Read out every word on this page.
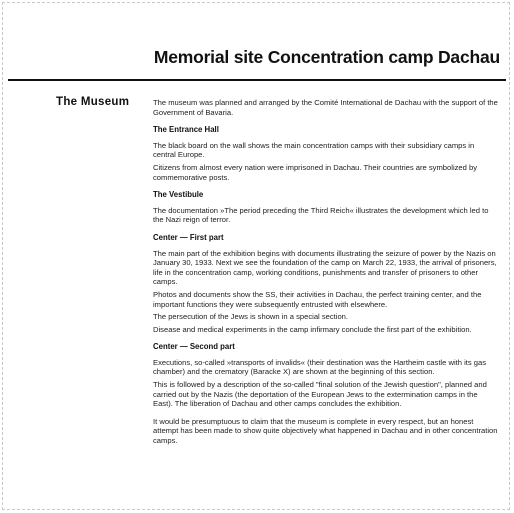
Memorial site Concentration camp Dachau
The Museum	The museum was planned and arranged by the Comité International de Dachau with the support of the Government of Bavaria.

The Entrance Hall

The black board on the wall shows the main concentration camps with their subsidiary camps in central Europe.

Citizens from almost every nation were imprisoned in Dachau. Their countries are symbolized by commemorative posts.

The Vestibule

The documentation »The period preceding the Third Reich« illustrates the development which led to the Nazi reign of terror.

Center — First part

The main part of the exhibition begins with documents illustrating the seizure of power by the Nazis on January 30, 1933. Next we see the foundation of the camp on March 22, 1933, the arrival of prisoners, life in the concentration camp, working conditions, punishments and transfer of prisoners to other camps.

Photos and documents show the SS, their activities in Dachau, the perfect training center, and the important functions they were subsequently entrusted with elsewhere.

The persecution of the Jews is shown in a special section.

Disease and medical experiments in the camp infirmary conclude the first part of the exhibition.

Center — Second part

Executions, so-called »transports of invalids« (their destination was the Hartheim castle with its gas chamber) and the crematory (Baracke X) are shown at the beginning of this section.

This is followed by a description of the so-called "final solution of the Jewish question", planned and carried out by the Nazis (the deportation of the European Jews to the extermination camps in the East). The liberation of Dachau and other camps concludes the exhibition.

It would be presumptuous to claim that the museum is complete in every respect, but an honest attempt has been made to show quite objectively what happened in Dachau and in other concentration camps.
